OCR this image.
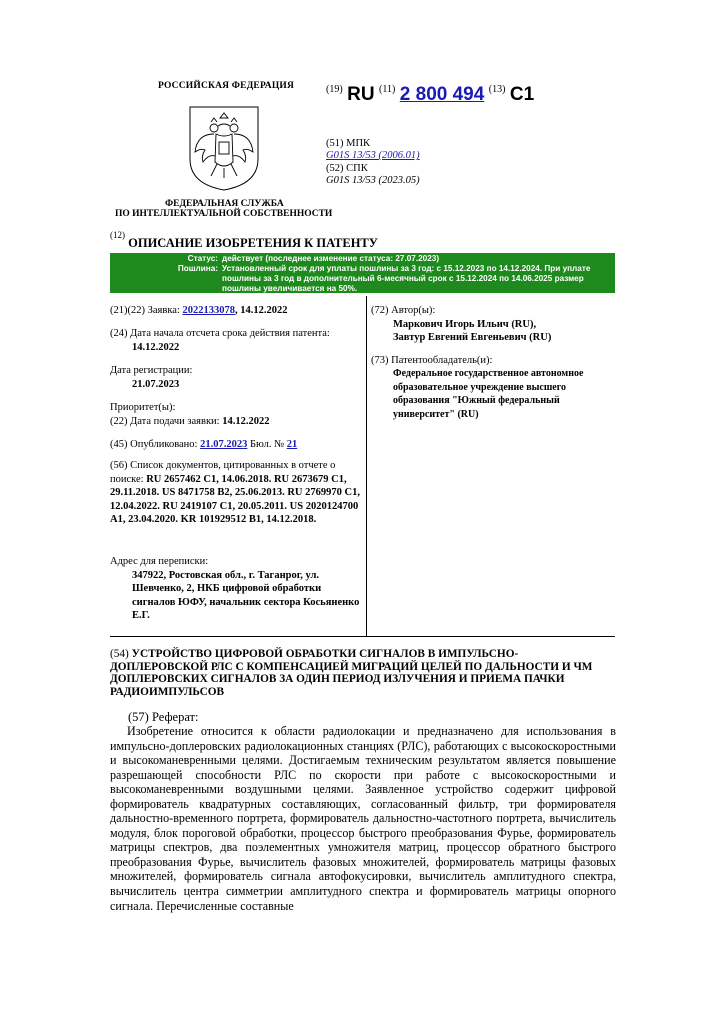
РОССИЙСКАЯ ФЕДЕРАЦИЯ
ФЕДЕРАЛЬНАЯ СЛУЖБА
ПО ИНТЕЛЛЕКТУАЛЬНОЙ СОБСТВЕННОСТИ
$^{(19)}$ RU $^{(11)}$ 2 800 494 $^{(13)}$ C1
(51) МПК
G01S 13/53 (2006.01)
(52) СПК
G01S 13/53 (2023.05)
$^{(12)}$ ОПИСАНИЕ ИЗОБРЕТЕНИЯ К ПАТЕНТУ
Статус: действует (последнее изменение статуса: 27.07.2023)
Пошлина: Установленный срок для уплаты пошлины за 3 год: с 15.12.2023 по 14.12.2024. При уплате пошлины за 3 год в дополнительный 6-месячный срок с 15.12.2024 по 14.06.2025 размер пошлины увеличивается на 50%.
(21)(22) Заявка: 2022133078, 14.12.2022
(24) Дата начала отсчета срока действия патента:
14.12.2022
Дата регистрации:
21.07.2023
Приоритет(ы):
(22) Дата подачи заявки: 14.12.2022
(45) Опубликовано: 21.07.2023 Бюл. № 21
(56) Список документов, цитированных в отчете о поиске: RU 2657462 C1, 14.06.2018. RU 2673679 C1, 29.11.2018. US 8471758 B2, 25.06.2013. RU 2769970 C1, 12.04.2022. RU 2419107 C1, 20.05.2011. US 2020124700 A1, 23.04.2020. KR 101929512 B1, 14.12.2018.
Адрес для переписки:
347922, Ростовская обл., г. Таганрог, ул. Шевченко, 2, НКБ цифровой обработки сигналов ЮФУ, начальник сектора Косьяненко Е.Г.
(72) Автор(ы):
Маркович Игорь Ильич (RU),
Завтур Евгений Евгеньевич (RU)
(73) Патентообладатель(и):
Федеральное государственное автономное образовательное учреждение высшего образования "Южный федеральный университет" (RU)
(54) УСТРОЙСТВО ЦИФРОВОЙ ОБРАБОТКИ СИГНАЛОВ В ИМПУЛЬСНО-ДОПЛЕРОВСКОЙ РЛС С КОМПЕНСАЦИЕЙ МИГРАЦИЙ ЦЕЛЕЙ ПО ДАЛЬНОСТИ И ЧМ ДОПЛЕРОВСКИХ СИГНАЛОВ ЗА ОДИН ПЕРИОД ИЗЛУЧЕНИЯ И ПРИЕМА ПАЧКИ РАДИОИМПУЛЬСОВ
(57) Реферат:
Изобретение относится к области радиолокации и предназначено для использования в импульсно-доплеровских радиолокационных станциях (РЛС), работающих с высокоскоростными и высокоманевренными целями. Достигаемым техническим результатом является повышение разрешающей способности РЛС по скорости при работе с высокоскоростными и высокоманевренными воздушными целями. Заявленное устройство содержит цифровой формирователь квадратурных составляющих, согласованный фильтр, три формирователя дальностно-временного портрета, формирователь дальностно-частотного портрета, вычислитель модуля, блок пороговой обработки, процессор быстрого преобразования Фурье, формирователь матрицы спектров, два поэлементных умножителя матриц, процессор обратного быстрого преобразования Фурье, вычислитель фазовых множителей, формирователь матрицы фазовых множителей, формирователь сигнала автофокусировки, вычислитель амплитудного спектра, вычислитель центра симметрии амплитудного спектра и формирователь матрицы опорного сигнала. Перечисленные составные
